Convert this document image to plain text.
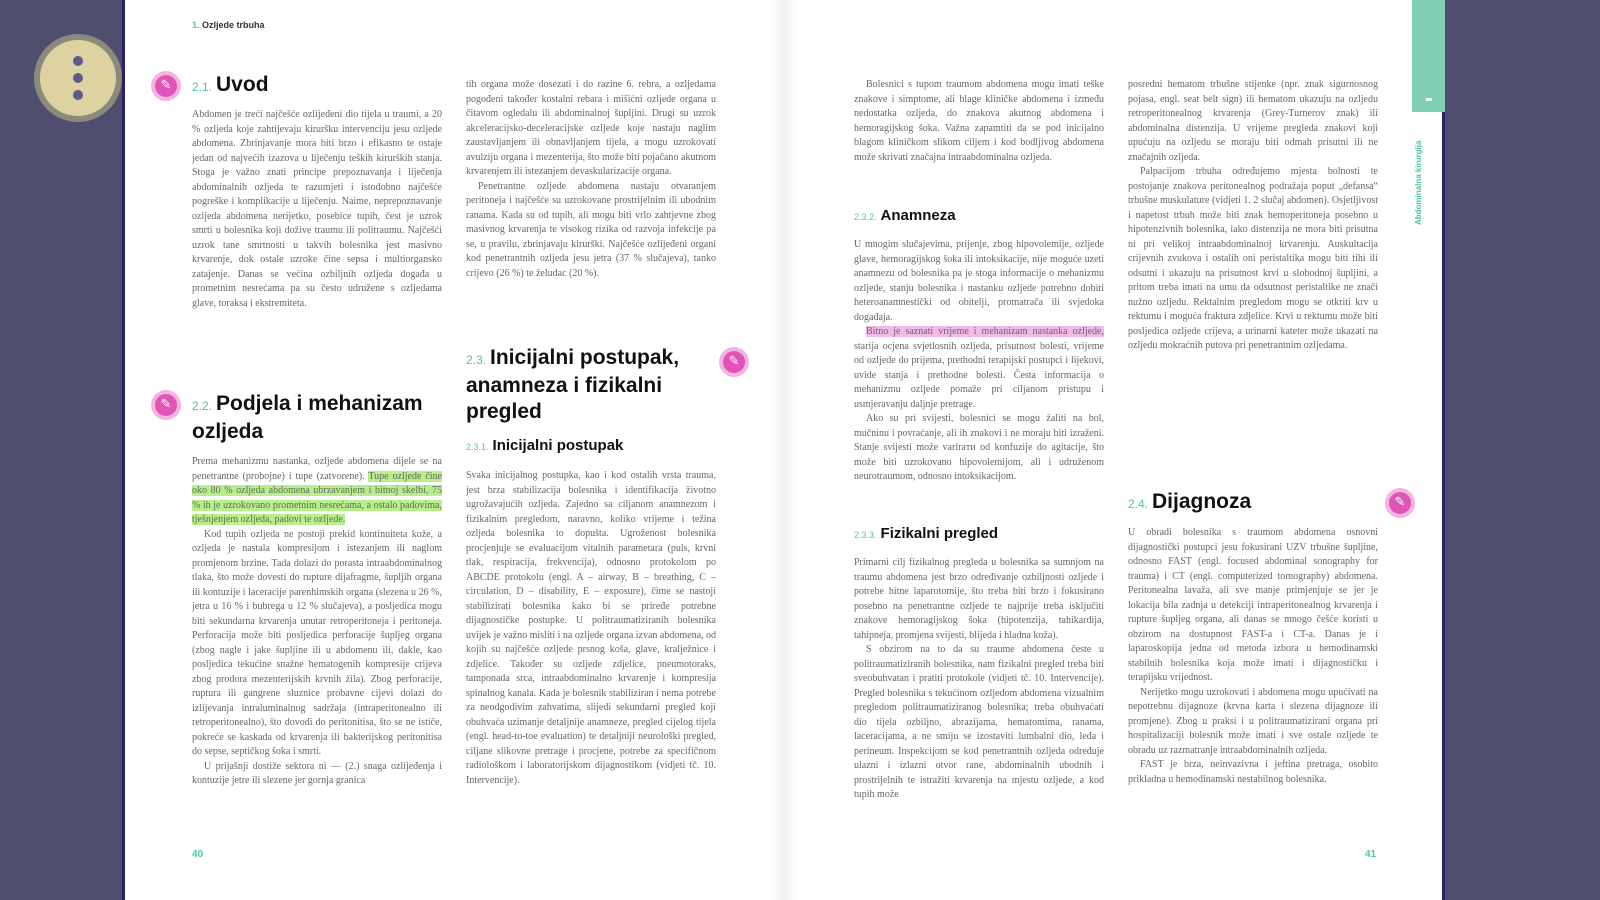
1. Ozljede trbuha
Abdominalna kirurgija
✎	2.1. Uvod

Abdomen je treći najčešće ozlijeđeni dio tijela u traumi, a 20 % ozljeda koje zahtijevaju kiruršku intervenciju jesu ozljede abdomena. Zbrinjavanje mora biti brzo i efikasno te ostaje jedan od najvećih izazova u liječenju teških kirurških stanja. Stoga je važno znati principe prepoznavanja i liječenja abdominalnih ozljeda te razumjeti i istodobno najčešće pogreške i komplikacije u liječenju. Naime, neprepoznavanje ozljeda abdomena nerijetko, posebice tupih, čest je uzrok smrti u bolesnika koji dožive traumu ili politraumu. Najčešći uzrok tane smrtnosti u takvih bolesnika jest masivno krvarenje, dok ostale uzroke čine sepsa i multiorgansko zatajenje. Danas se većina ozbiljnih ozljeda događa u prometnim nesrećama pa su često udružene s ozljedama glave, toraksa i ekstremiteta.

✎	2.2. Podjela i mehanizam ozljeda

Prema mehanizmu nastanka, ozljede abdomena dijele se na penetrantne (probojne) i tupe (zatvorene). Tupe ozljede čine oko 80 % ozljeda abdomena ubrzavanjem i bitnoj skelbi, 75 % ih je uzrokovano prometnim nesrećama, a ostalo padovima, tješnjenjem ozljeda, padovi te ozljede.

Kod tupih ozljeda ne postoji prekid kontinuiteta kože, a ozljeda je nastala kompresijom i istezanjem ili naglom promjenom brzine. Tada dolazi do porasta intraabdominalnog tlaka, što može dovesti do rupture dijafragme, šupljih organa ili kontuzije i laceracije parenhimskih organa (slezena u 26 %, jetra u 16 % i bubrega u 12 % slučajeva), a posljedica mogu biti sekundarna krvarenja unutar retroperitoneja i peritoneja. Perforacija može biti posljedica perforacije šupljeg organa (zbog nagle i jake šupljine ili u abdomenu ili, dakle, kao posljedica tekućine snažne hematogenih kompresije crijeva zbog prodora mezenterijskih krvnih žila). Zbog perforacije, ruptura ili gangrene sluznice probavne cijevi dolazi do izlijevanja intraluminalnog sadržaja (intraperitonealno ili retroperitonealno), što dovodi do peritonitisa, što se ne ističe, pokreće se kaskada od krvarenja ili bakterijskog peritonitisa do sepse, septičkog šoka i smrti.

U prijašnji dostiže sektora ni — (2.) snaga ozlijeđenja i kontuzije jetre ili slezene jer gornja granica

40

tih organa može dosezati i do razine 6. rebra, a ozljedama pogođeni također kostalni rebara i mišićni ozljede organa u čitavom ogledalu ili abdominalnoj šupljini. Drugi su uzrok akceleracijsko-deceleracijske ozljede koje nastaju naglim zaustavljanjem ili obnavljanjem tijela, a mogu uzrokovati avulziju organa i mezenterija, što može biti pojačano akutnom krvarenjem ili istezanjem devaskularizacije organa.

Penetrantne ozljede abdomena nastaju otvaranjem peritoneja i najčešće su uzrokovane prostrijelnim ili ubodnim ranama. Kada su od tupih, ali mogu biti vrlo zahtjevne zbog masivnog krvarenja te visokog rizika od razvoja infekcije pa se, u pravilu, zbrinjavaju kirurški. Najčešće ozlijeđeni organi kod penetrantnih ozljeda jesu jetra (37 % slučajeva), tanko crijevo (26 %) te želudac (20 %).

2.3. Inicijalni postupak, anamneza i fizikalni pregled
✎
2.3.1. Inicijalni postupak

Svaka inicijalnog postupka, kao i kod ostalih vrsta trauma, jest brza stabilizacija bolesnika i identifikacija životno ugrožavajućih ozljeda. Zajedno sa ciljanom anamnezom i fizikalnim pregledom, naravno, koliko vrijeme i težina ozljeda bolesnika to dopušta. Ugroženost bolesnika procjenjuje se evaluacijom vitalnih parametara (puls, krvni tlak, respiracija, frekvencija), odnosno protokolom po ABCDE protokolu (engl. A – airway, B – breathing, C – circulation, D – disability, E – exposure), čime se nastoji stabilizirati bolesnika kako bi se priređe potrebne dijagnostičke postupke. U politraumatiziranih bolesnika uvijek je važno misliti i na ozljede organa izvan abdomena, od kojih su najčešće ozljede prsnog koša, glave, kralježnice i zdjelice. Također su ozljede zdjelice, pneumotoraks, tamponada srca, intraabdominalno krvarenje i kompresija spinalnog kanala. Kada je bolesnik stabiliziran i nema potrebe za neodgodivim zahvatima, slijedi sekundarni pregled koji obuhvaća uzimanje detaljnije anamneze, pregled cijelog tijela (engl. head-to-toe evaluation) te detaljniji neurološki pregled, ciljane slikovne pretrage i procjene, potrebe za specifičnom radiološkom i laboratorijskom dijagnostikom (vidjeti tč. 10. Intervencije).

Bolesnici s tupom traumom abdomena mogu imati teške znakove i simptome, ali blage kliničke abdomena i između nedostatka ozljeda, do znakova akutnog abdomena i hemoragijskog šoka. Važna zapamtiti da se pod inicijalno blagom kliničkom slikom ciljem i kod bodljivog abdomena može skrivati značajna intraabdominalna ozljeda.

2.3.2. Anamneza

U mnogim slučajevima, prijenje, zbog hipovolemije, ozljede glave, hemoragijskog šoka ili intoksikacije, nije moguće uzeti anamnezu od bolesnika pa je stoga informacije o mehanizmu ozljede, stanju bolesnika i nastanku ozljede potrebno dobiti heteroanamnestički od obitelji, promatrača ili svjedoka događaja.

Bitno je saznati vrijeme i mehanizam nastanka ozljede, starija ocjena svjetlosnih ozljeda, prisutnost bolesti, vrijeme od ozljede do prijema, prethodni terapijski postupci i lijekovi, uvide stanja i prethodne bolesti. Česta informacija o mehanizmu ozljede pomaže pri ciljanom pristupu i usmjeravanju daljnje pretrage.

Ako su pri svijesti, bolesnici se mogu žaliti na bol, mučninu i povraćanje, ali ih znakovi i ne moraju biti izraženi. Stanje svijesti može variraти od konfuzije do agitacije, što može biti uzrokovano hipovolemijom, ali i udruženom neurotraumom, odnosno intoksikacijom.

2.3.3. Fizikalni pregled

Primarni cilj fizikalnog pregleda u bolesnika sa sumnjom na traumu abdomena jest brzo određivanje ozbiljnosti ozljede i potrebe hitne laparotomije, što treba biti brzo i fokusirano posebno na penetrantne ozljede te najprije treba isključiti znakove hemoragijskog šoka (hipotenzija, tahikardija, tahipneja, promjena svijesti, blijeda i hladna koža).

S obzirom na to da su traume abdomena česte u politraumatiziranih bolesnika, nam fizikalni pregled treba biti sveobuhvatan i pratiti protokole (vidjeti tč. 10. Intervencije). Pregled bolesnika s tekućinom ozljedom abdomena vizualnim pregledom politraumatiziranog bolesnika; treba obuhvaćati dio tijela ozbiljno, abrazijama, hematomima, ranama, laceracijama, a ne smiju se izostaviti lumbalni dio, leđa i perineum. Inspekcijom se kod penetrantnih ozljeda određuje ulazni i izlazni otvor rane, abdominalnih ubodnih i prostrijelnih te istražiti krvarenja na mjestu ozljede, a kod tupih može

posredni hematom trbušne stijenke (npr. znak sigurnosnog pojasa, engl. seat belt sign) ili hematom ukazuju na ozljedu retroperitonealnog krvarenja (Grey-Turnerov znak) ili abdominalna distenzija. U vrijeme pregleda znakovi koji upućuju na ozljedu se moraju biti odmah prisutni ili ne značajnih ozljeda.

Palpacijom trbuha određujemo mjesta bolnosti te postojanje znakova peritonealnog podražaja poput „defansa“ trbušne muskulature (vidjeti 1. 2 slučaj abdomen). Osjetljivost i napetost trbuh može biti znak hemoperitoneja posebno u hipotenzivnih bolesnika, iako distenzija ne mora biti prisutna ni pri velikoj intraabdominalnoj krvarenju. Auskultacija crijevnih zvukova i ostalih oni peristaltika mogu biti tihi ili odsutni i ukazuju na prisutnost krvi u slobodnoj šupljini, a pritom treba imati na umu da odsutnost peristaltike ne znači nužno ozljedu. Rektalnim pregledom mogu se otkriti krv u rektumu i moguća fraktura zdjelice. Krvi u rektumu može biti posljedica ozljede crijeva, a urinarni kateter može ukazati na ozljedu mokraćnih putova pri penetrantnim ozljedama.

2.4. Dijagnoza	✎

U obradi bolesnika s traumom abdomena osnovni dijagnostički postupci jesu fokusirani UZV trbušne šupljine, odnosno FAST (engl. focused abdominal sonography for trauma) i CT (engl. computerized tomography) abdomena. Peritonealna lavaža, ali sve manje primjenjuje se jer je lokacija bila zadnja u detekciji intraperitonealnog krvarenja i rupture šupljeg organa, ali danas se mnogo češće koristi u obzirom na dostupnost FAST-a i CT-a. Danas je i laparoskopija jedna od metoda izbora u hemodinamski stabilnih bolesnika koja može imati i dijagnostičku i terapijsku vrijednost.

Nerijetko mogu uzrokovati i abdomena mogu upućivati na nepotrebnu dijagnoze (krvna karta i slezena dijagnoze ili promjene). Zbog u praksi i u politraumatizirani organa pri hospitalizaciji bolesnik može imati i sve ostale ozljede te obradu uz razmatranje intraabdominalnih ozljeda.

FAST je brza, neinvazivna i jeftina pretraga, osobito prikladna u hemodinamski nestabilnog bolesnika.

41
